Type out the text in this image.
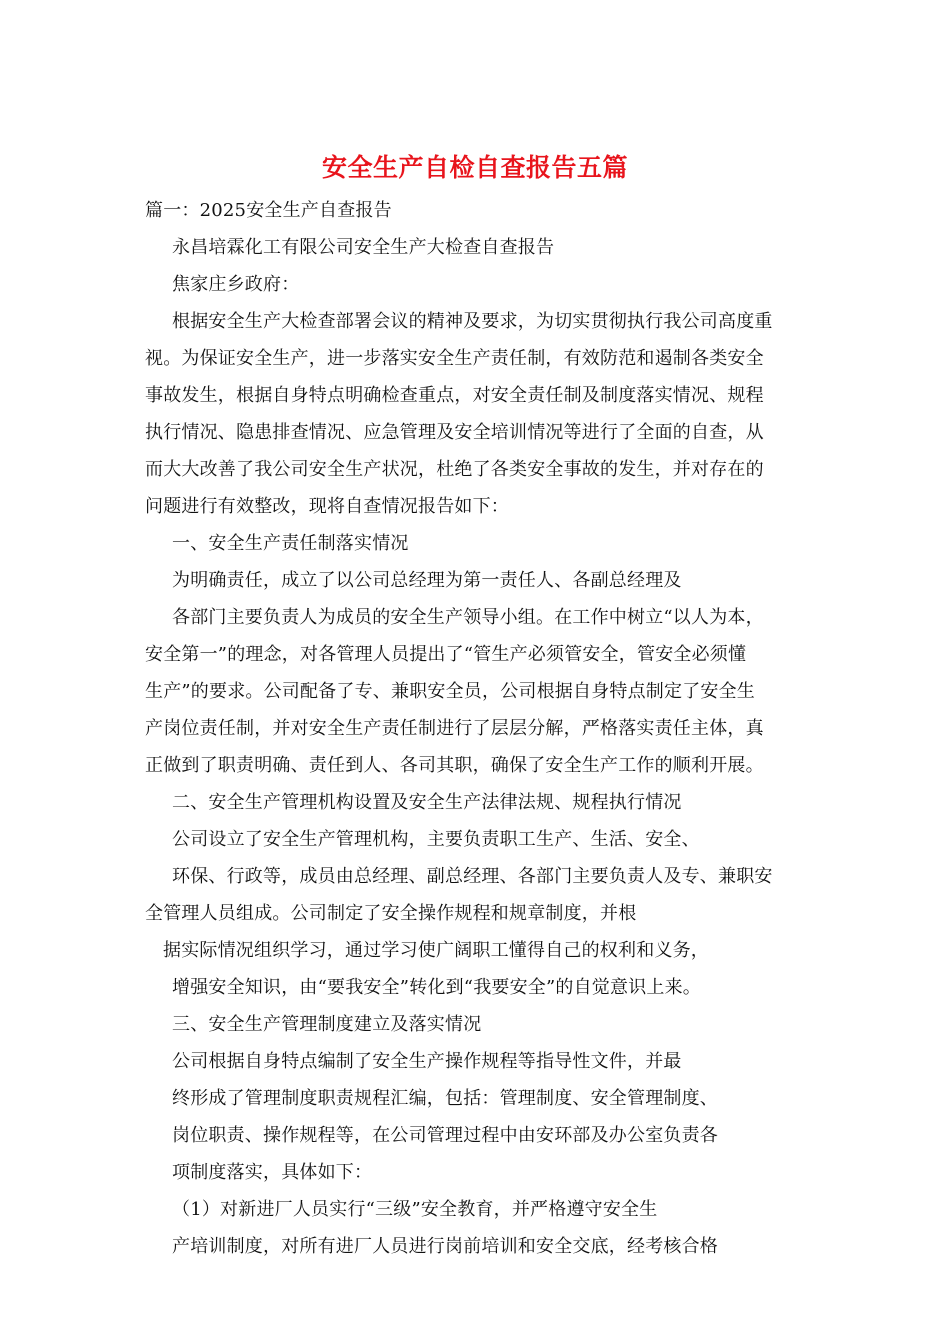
安全生产自检自查报告五篇
篇一：2025安全生产自查报告
永昌培霖化工有限公司安全生产大检查自查报告
焦家庄乡政府：
根据安全生产大检查部署会议的精神及要求，为切实贯彻执行我公司高度重
视。为保证安全生产，进一步落实安全生产责任制，有效防范和遏制各类安全
事故发生，根据自身特点明确检查重点，对安全责任制及制度落实情况、规程
执行情况、隐患排查情况、应急管理及安全培训情况等进行了全面的自查，从
而大大改善了我公司安全生产状况，杜绝了各类安全事故的发生，并对存在的
问题进行有效整改，现将自查情况报告如下：
一、安全生产责任制落实情况
为明确责任，成立了以公司总经理为第一责任人、各副总经理及
各部门主要负责人为成员的安全生产领导小组。在工作中树立“以人为本，
安全第一”的理念，对各管理人员提出了“管生产必须管安全，管安全必须懂
生产”的要求。公司配备了专、兼职安全员，公司根据自身特点制定了安全生
产岗位责任制，并对安全生产责任制进行了层层分解，严格落实责任主体，真
正做到了职责明确、责任到人、各司其职，确保了安全生产工作的顺利开展。
二、安全生产管理机构设置及安全生产法律法规、规程执行情况
公司设立了安全生产管理机构，主要负责职工生产、生活、安全、
环保、行政等，成员由总经理、副总经理、各部门主要负责人及专、兼职安
全管理人员组成。公司制定了安全操作规程和规章制度，并根
据实际情况组织学习，通过学习使广阔职工懂得自己的权利和义务，
增强安全知识，由“要我安全”转化到“我要安全”的自觉意识上来。
三、安全生产管理制度建立及落实情况
公司根据自身特点编制了安全生产操作规程等指导性文件，并最
终形成了管理制度职责规程汇编，包括：管理制度、安全管理制度、
岗位职责、操作规程等，在公司管理过程中由安环部及办公室负责各
项制度落实，具体如下：
（1）对新进厂人员实行“三级”安全教育，并严格遵守安全生
产培训制度，对所有进厂人员进行岗前培训和安全交底，经考核合格
